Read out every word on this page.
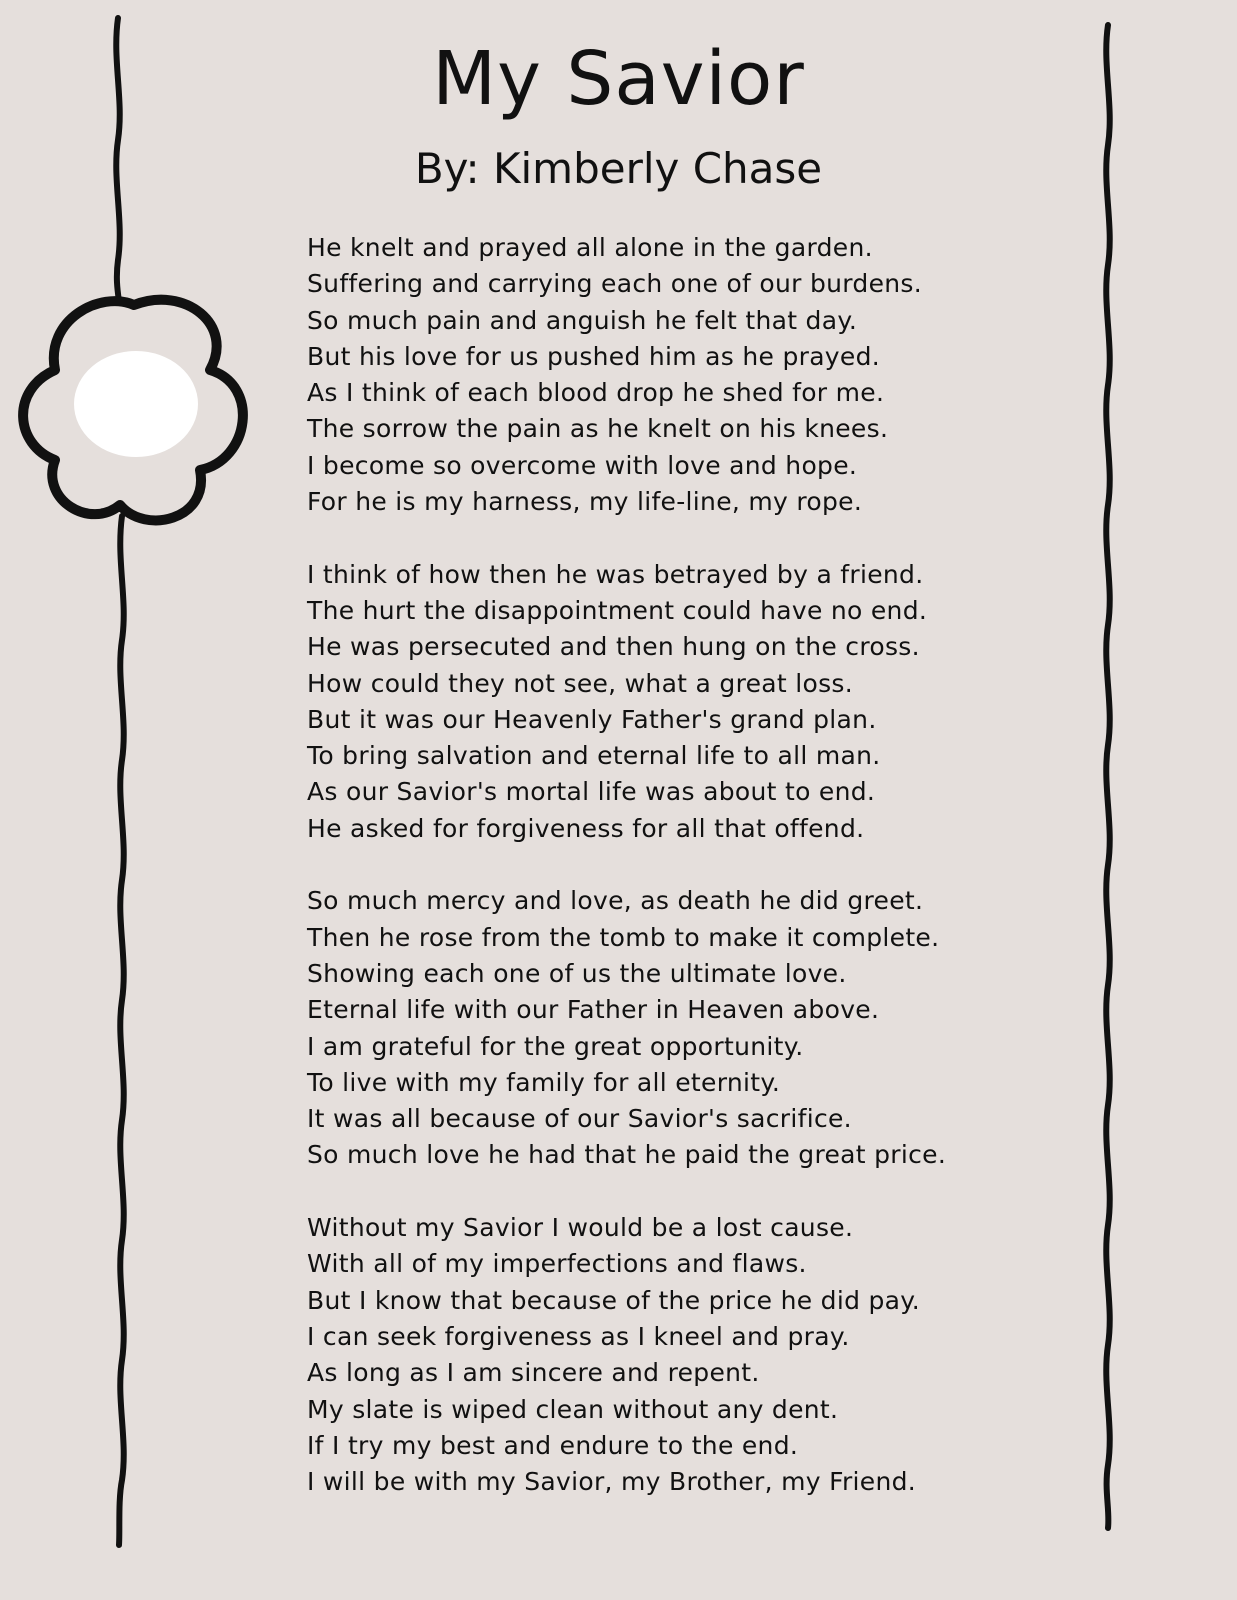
My Savior

By: Kimberly Chase

He knelt and prayed all alone in the garden.
Suffering and carrying each one of our burdens.
So much pain and anguish he felt that day.
But his love for us pushed him as he prayed.
As I think of each blood drop he shed for me.
The sorrow the pain as he knelt on his knees.
I become so overcome with love and hope.
For he is my harness, my life-line, my rope.
I think of how then he was betrayed by a friend.
The hurt the disappointment could have no end.
He was persecuted and then hung on the cross.
How could they not see, what a great loss.
But it was our Heavenly Father's grand plan.
To bring salvation and eternal life to all man.
As our Savior's mortal life was about to end.
He asked for forgiveness for all that offend.
So much mercy and love, as death he did greet.
Then he rose from the tomb to make it complete.
Showing each one of us the ultimate love.
Eternal life with our Father in Heaven above.
I am grateful for the great opportunity.
To live with my family for all eternity.
It was all because of our Savior's sacrifice.
So much love he had that he paid the great price.
Without my Savior I would be a lost cause.
With all of my imperfections and flaws.
But I know that because of the price he did pay.
I can seek forgiveness as I kneel and pray.
As long as I am sincere and repent.
My slate is wiped clean without any dent.
If I try my best and endure to the end.
I will be with my Savior, my Brother, my Friend.
